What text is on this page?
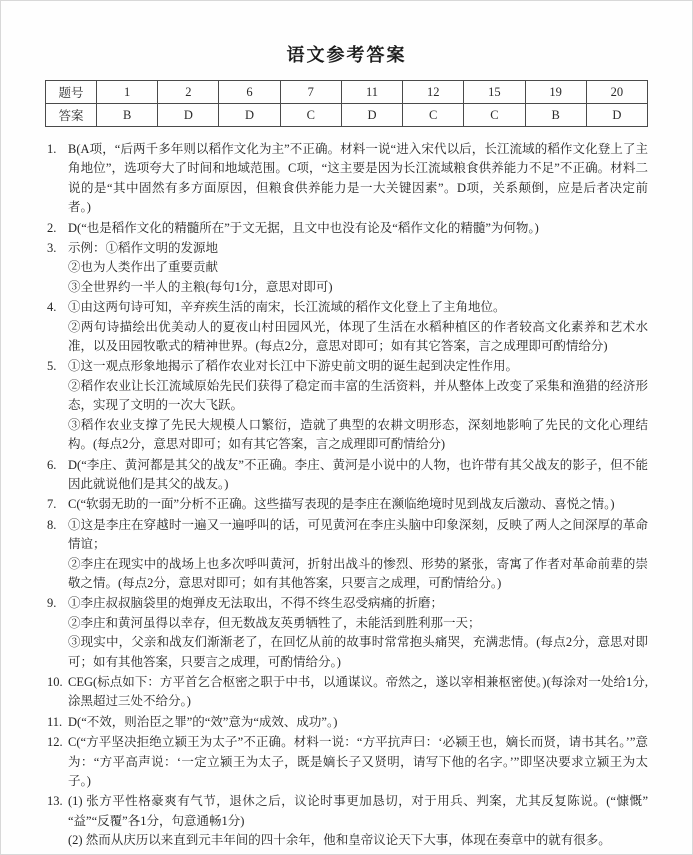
语文参考答案
题号	1	2	6	7	11	12	15	19	20
答案	B	D	D	C	D	C	C	B	D
1. B(A项，“后两千多年则以稻作文化为主”不正确。材料一说“进入宋代以后，长江流域的稻作文化登上了主角地位”，选项夸大了时间和地域范围。C项，“这主要是因为长江流域粮食供养能力不足”不正确。材料二说的是“其中固然有多方面原因，但粮食供养能力是一大关键因素”。D项，关系颠倒，应是后者决定前者。)

2. D(“也是稻作文化的精髓所在”于文无据，且文中也没有论及“稻作文化的精髓”为何物。)

3. 示例：①稻作文明的发源地

②也为人类作出了重要贡献

③全世界约一半人的主粮(每句1分，意思对即可)

4. ①由这两句诗可知，辛弃疾生活的南宋，长江流域的稻作文化登上了主角地位。

②两句诗描绘出优美动人的夏夜山村田园风光，体现了生活在水稻种植区的作者较高文化素养和艺术水准，以及田园牧歌式的精神世界。(每点2分，意思对即可；如有其它答案，言之成理即可酌情给分)

5. ①这一观点形象地揭示了稻作农业对长江中下游史前文明的诞生起到决定性作用。

②稻作农业让长江流域原始先民们获得了稳定而丰富的生活资料，并从整体上改变了采集和渔猎的经济形态，实现了文明的一次大飞跃。

③稻作农业支撑了先民大规模人口繁衍，造就了典型的农耕文明形态，深刻地影响了先民的文化心理结构。(每点2分，意思对即可；如有其它答案，言之成理即可酌情给分)

6. D(“李庄、黄河都是其父的战友”不正确。李庄、黄河是小说中的人物，也许带有其父战友的影子，但不能因此就说他们是其父的战友。)

7. C(“软弱无助的一面”分析不正确。这些描写表现的是李庄在濒临绝境时见到战友后激动、喜悦之情。)

8. ①这是李庄在穿越时一遍又一遍呼叫的话，可见黄河在李庄头脑中印象深刻，反映了两人之间深厚的革命情谊；

②李庄在现实中的战场上也多次呼叫黄河，折射出战斗的惨烈、形势的紧张，寄寓了作者对革命前辈的崇敬之情。(每点2分，意思对即可；如有其他答案，只要言之成理，可酌情给分。)

9. ①李庄叔叔脑袋里的炮弹皮无法取出，不得不终生忍受病痛的折磨；

②李庄和黄河虽得以幸存，但无数战友英勇牺牲了，未能活到胜利那一天；

③现实中，父亲和战友们渐渐老了，在回忆从前的故事时常常抱头痛哭，充满悲情。(每点2分，意思对即可；如有其他答案，只要言之成理，可酌情给分。)

10. CEG(标点如下：方平首乞合枢密之职于中书，以通谋议。帝然之，遂以宰相兼枢密使。)(每涂对一处给1分,涂黑超过三处不给分。)

11. D(“不效，则治臣之罪”的“效”意为“成效、成功”。)

12. C(“方平坚决拒绝立颍王为太子”不正确。材料一说：“方平抗声曰：‘必颍王也，嫡长而贤，请书其名。’”意为：“方平高声说：‘一定立颍王为太子，既是嫡长子又贤明，请写下他的名字。’”即坚决要求立颍王为太子。)

13. (1) 张方平性格豪爽有气节，退休之后，议论时事更加恳切，对于用兵、判案，尤其反复陈说。(“慷慨”“益”“反覆”各1分，句意通畅1分)

(2) 然而从庆历以来直到元丰年间的四十余年，他和皇帝议论天下大事，体现在奏章中的就有很多。
